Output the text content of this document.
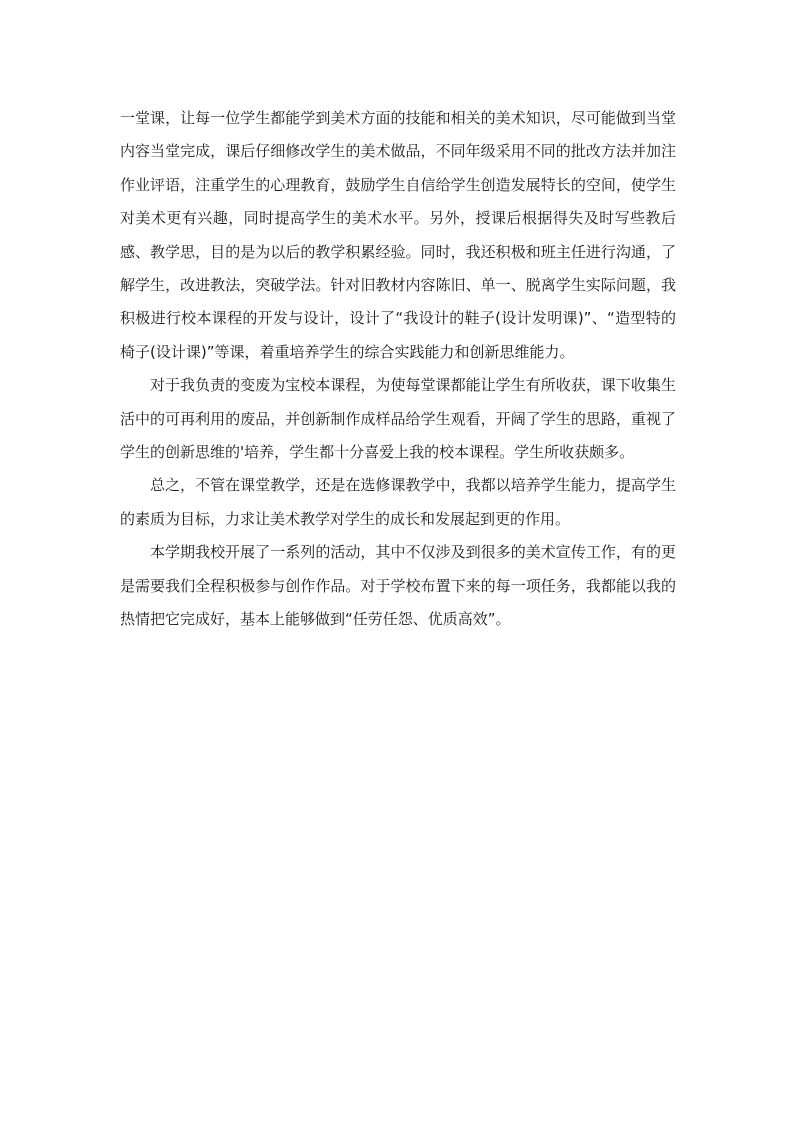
一堂课，让每一位学生都能学到美术方面的技能和相关的美术知识，尽可能做到当堂内容当堂完成，课后仔细修改学生的美术做品，不同年级采用不同的批改方法并加注作业评语，注重学生的心理教育，鼓励学生自信给学生创造发展特长的空间，使学生对美术更有兴趣，同时提高学生的美术水平。另外，授课后根据得失及时写些教后感、教学思，目的是为以后的教学积累经验。同时，我还积极和班主任进行沟通，了解学生，改进教法，突破学法。针对旧教材内容陈旧、单一、脱离学生实际问题，我积极进行校本课程的开发与设计，设计了“我设计的鞋子(设计发明课)”、“造型特的椅子(设计课)”等课，着重培养学生的综合实践能力和创新思维能力。

对于我负责的变废为宝校本课程，为使每堂课都能让学生有所收获，课下收集生活中的可再利用的废品，并创新制作成样品给学生观看，开阔了学生的思路，重视了学生的创新思维的'培养，学生都十分喜爱上我的校本课程。学生所收获颇多。

总之，不管在课堂教学，还是在选修课教学中，我都以培养学生能力，提高学生的素质为目标，力求让美术教学对学生的成长和发展起到更的作用。

本学期我校开展了一系列的活动，其中不仅涉及到很多的美术宣传工作，有的更是需要我们全程积极参与创作作品。对于学校布置下来的每一项任务，我都能以我的热情把它完成好，基本上能够做到“任劳任怨、优质高效”。
